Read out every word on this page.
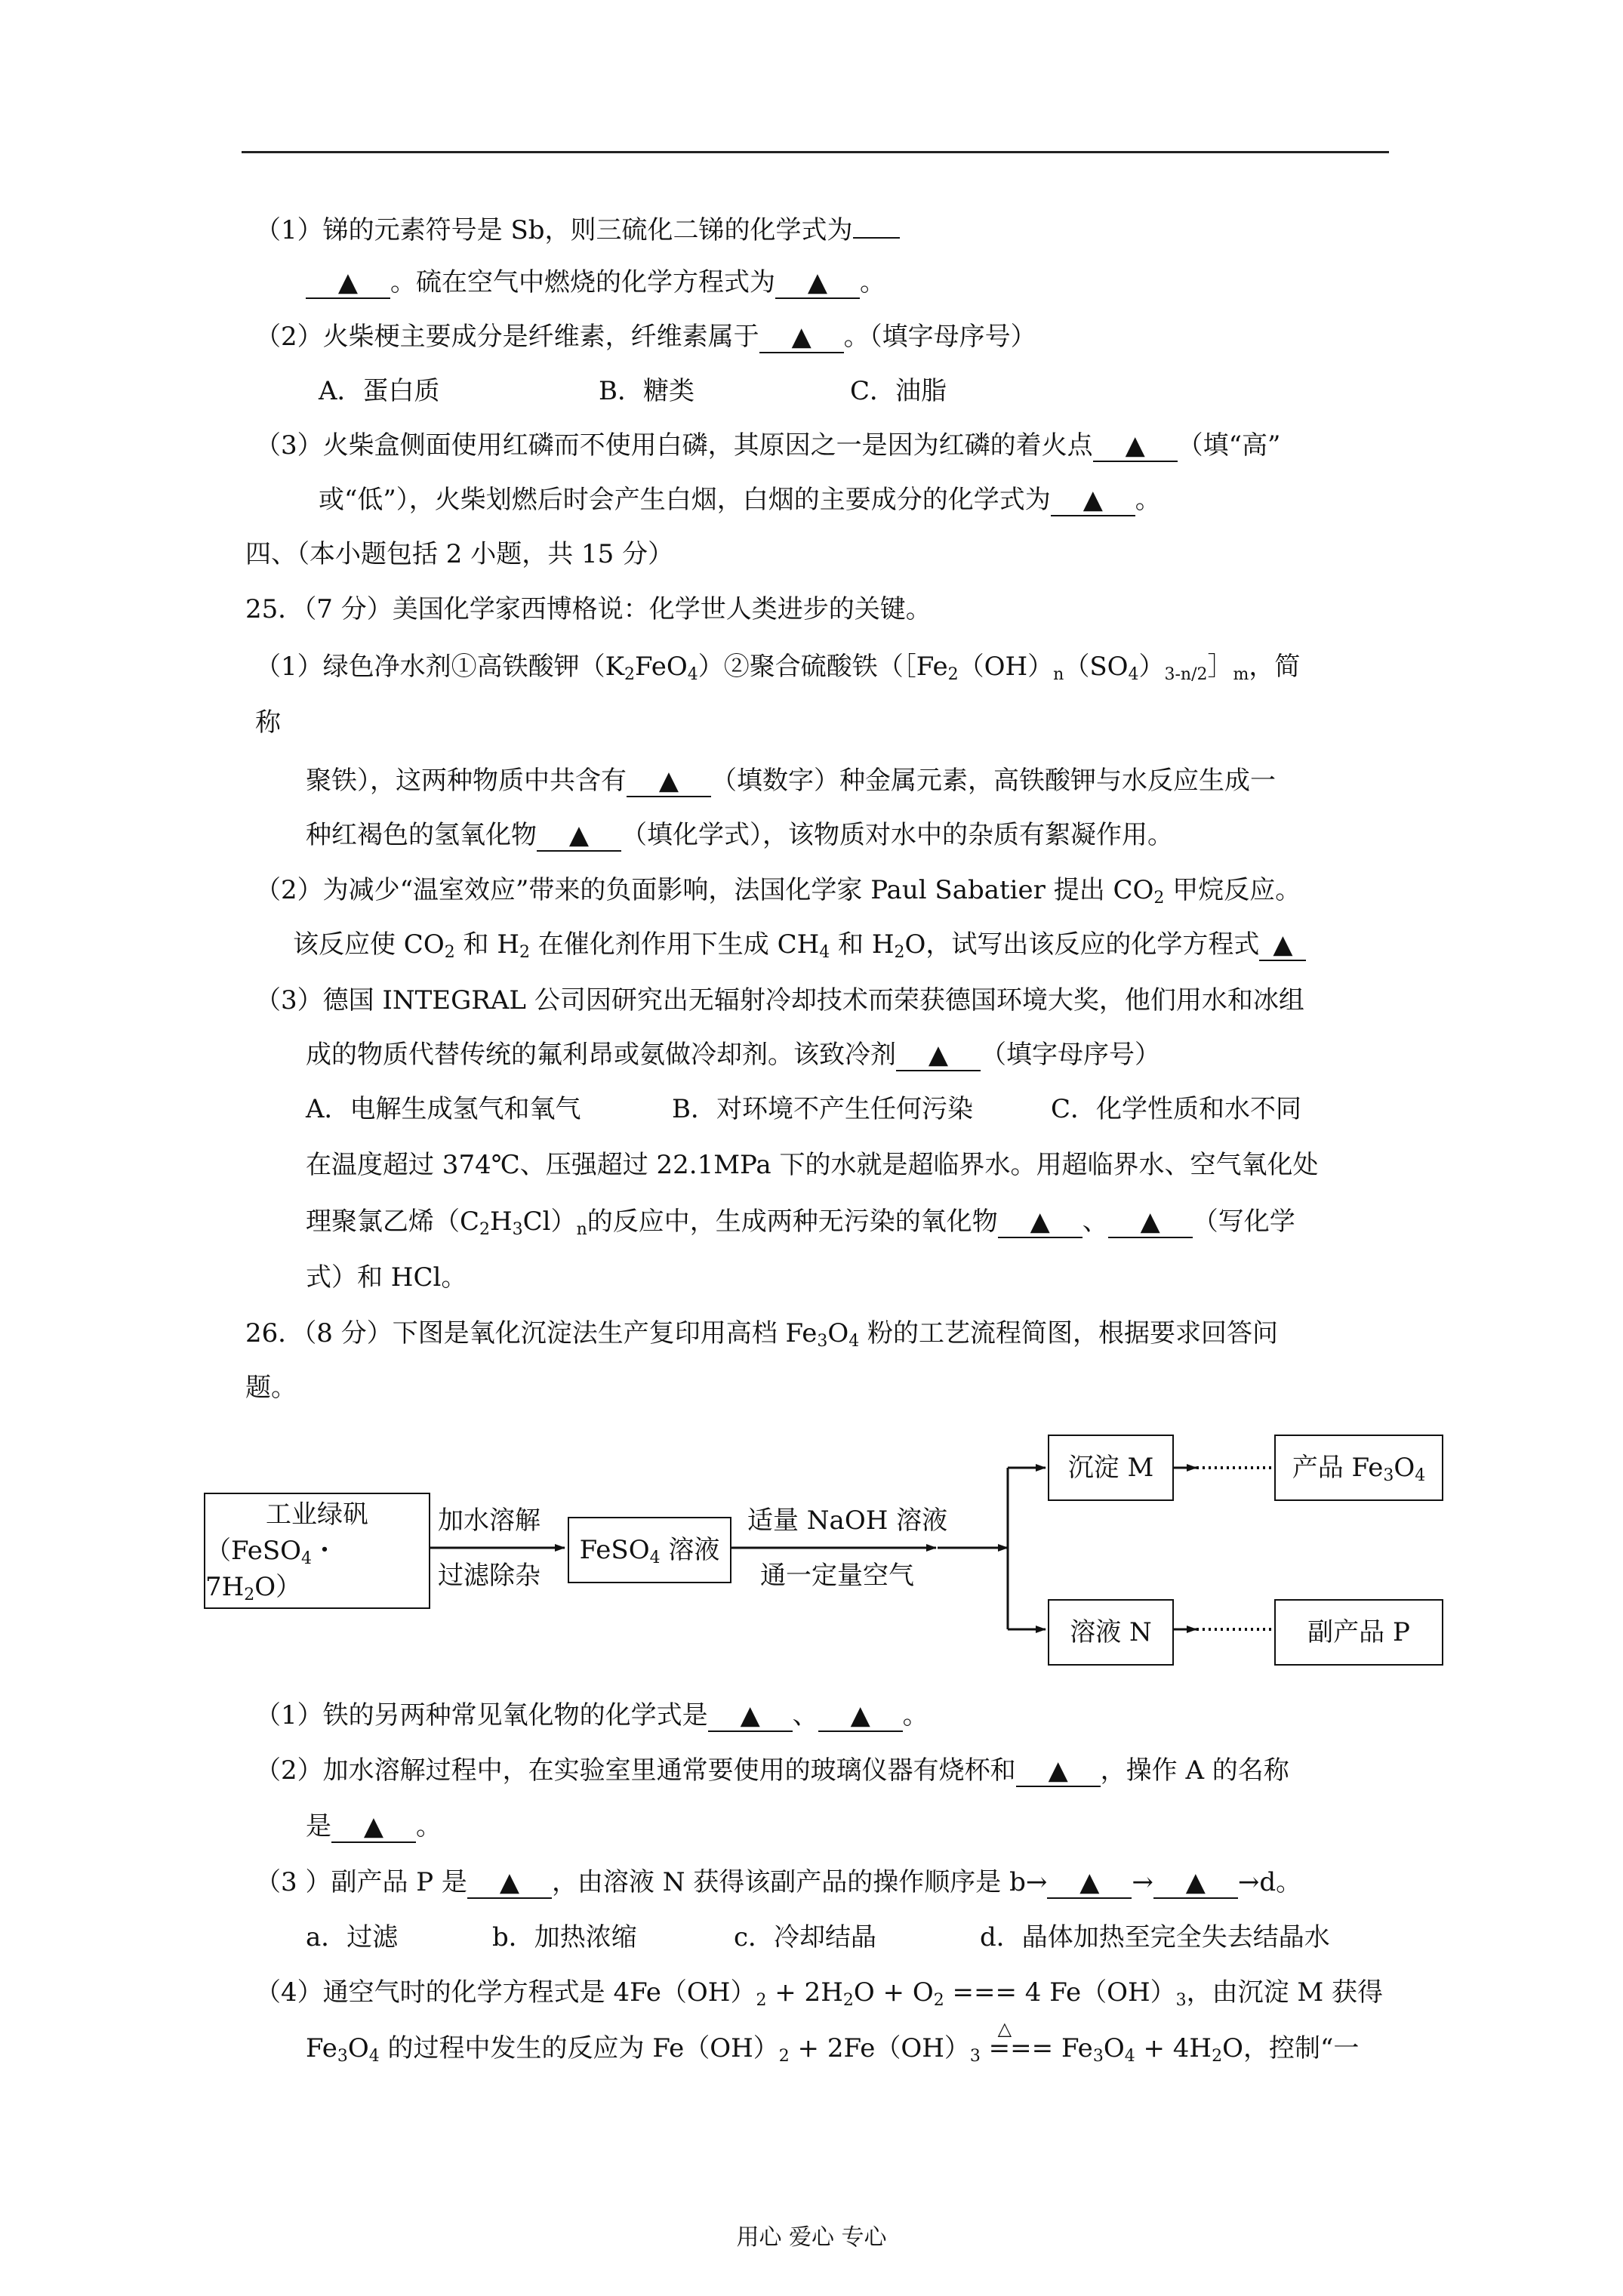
（1）锑的元素符号是 Sb，则三硫化二锑的化学式为
▲ 。硫在空气中燃烧的化学方程式为 ▲ 。
（2）火柴梗主要成分是纤维素，纤维素属于 ▲ 。（填字母序号）
A．蛋白质	B．糖类	C．油脂
（3）火柴盒侧面使用红磷而不使用白磷，其原因之一是因为红磷的着火点 ▲ （填“高”
或“低”），火柴划燃后时会产生白烟，白烟的主要成分的化学式为 ▲ 。
四、（本小题包括 2 小题，共 15 分）
25．（7 分）美国化学家西博格说：化学世人类进步的关键。
（1）绿色净水剂①高铁酸钾$(K_2FeO_4)②$聚合硫酸铁（$[Fe_2(OH)_n(SO_4)_{3-n/2}]_m$，简
称
聚铁），这两种物质中共含有 ▲ （填数字）种金属元素，高铁酸钾与水反应生成一
种红褐色的氢氧化物 ▲ （填化学式），该物质对水中的杂质有絮凝作用。
（2）为减少“温室效应”带来的负面影响，法国化学家 Paul Sabatier 提出 $CO_2$ 甲烷反应。
该反应使 $CO_2$ 和 $H_2$ 在催化剂作用下生成 $CH_4$ 和 $H_2O$，试写出该反应的化学方程式 ▲
（3）德国 INTEGRAL 公司因研究出无辐射冷却技术而荣获德国环境大奖，他们用水和冰组
成的物质代替传统的氟利昂或氨做冷却剂。该致冷剂 ▲ （填字母序号）
A．电解生成氢气和氧气	B．对环境不产生任何污染	C．化学性质和水不同
在温度超过 374℃、压强超过 22.1MPa 下的水就是超临界水。用超临界水、空气氧化处
理聚氯乙烯$(C_2H_3Cl)_n$的反应中，生成两种无污染的氧化物 ▲ 、 ▲ （写化学
式）和 HCl。
26．（8 分）下图是氧化沉淀法生产复印用高档 $Fe_3O_4$ 粉的工艺流程简图，根据要求回答问
题。
工业绿矾
（FeSO$_4$・$7H_2O$）
加水溶解
过滤除杂
FeSO$_4$ 溶液
适量 NaOH 溶液
通一定量空气
沉淀 M	产品 $Fe_3O_4$
溶液 N	副产品 P
（1）铁的另两种常见氧化物的化学式是 ▲ 、 ▲ 。
（2）加水溶解过程中，在实验室里通常要使用的玻璃仪器有烧杯和 ▲ ，操作 A 的名称
是 ▲ 。
（3 ）副产品 P 是 ▲ ，由溶液 N 获得该副产品的操作顺序是 b→ ▲ → ▲ →d。
a．过滤	b．加热浓缩	c．冷却结晶	d．晶体加热至完全失去结晶水
（4）通空气时的化学方程式是 $4Fe(OH)_2 + 2H_2O + O_2$ === 4 $Fe(OH)_3$，由沉淀 M 获得
$Fe_3O_4$ 的过程中发生的反应为 $Fe(OH)_2 + 2Fe(OH)_3$
△
=== $Fe_3O_4 + 4H_2O$，控制“一
用心 爱心 专心
